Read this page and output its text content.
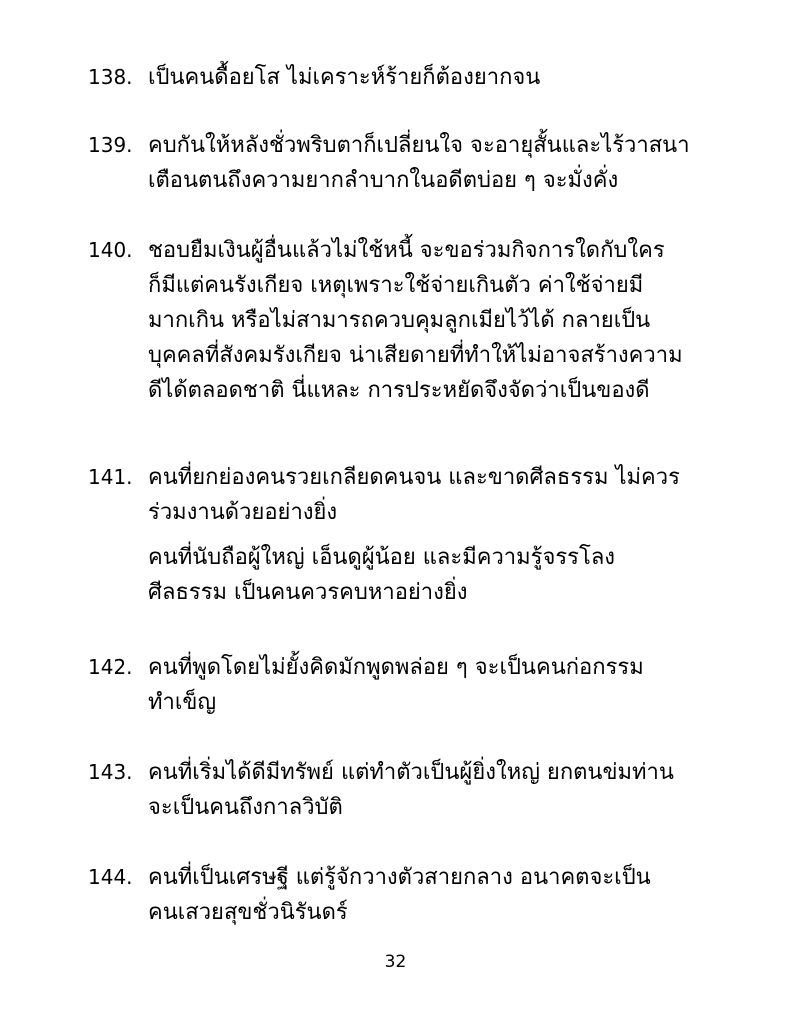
138. เป็นคนดื้อยโส ไม่เคราะห์ร้ายก็ต้องยากจน
139. คบกันให้หลังชั่วพริบตาก็เปลี่ยนใจ จะอายุสั้นและไร้วาสนา
เตือนตนถึงความยากลำบากในอดีตบ่อย ๆ จะมั่งคั่ง
140. ชอบยืมเงินผู้อื่นแล้วไม่ใช้หนี้ จะขอร่วมกิจการใดกับใคร
ก็มีแต่คนรังเกียจ เหตุเพราะใช้จ่ายเกินตัว ค่าใช้จ่ายมี
มากเกิน หรือไม่สามารถควบคุมลูกเมียไว้ได้ กลายเป็น
บุคคลที่สังคมรังเกียจ น่าเสียดายที่ทำให้ไม่อาจสร้างความ
ดีได้ตลอดชาติ นี่แหละ การประหยัดจึงจัดว่าเป็นของดี
141. คนที่ยกย่องคนรวยเกลียดคนจน และขาดศีลธรรม ไม่ควร
ร่วมงานด้วยอย่างยิ่ง
คนที่นับถือผู้ใหญ่ เอ็นดูผู้น้อย และมีความรู้จรรโลง
ศีลธรรม เป็นคนควรคบหาอย่างยิ่ง
142. คนที่พูดโดยไม่ยั้งคิดมักพูดพล่อย ๆ จะเป็นคนก่อกรรม
ทำเข็ญ
143. คนที่เริ่มได้ดีมีทรัพย์ แต่ทำตัวเป็นผู้ยิ่งใหญ่ ยกตนข่มท่าน
จะเป็นคนถึงกาลวิบัติ
144. คนที่เป็นเศรษฐี แต่รู้จักวางตัวสายกลาง อนาคตจะเป็น
คนเสวยสุขชั่วนิรันดร์
32
